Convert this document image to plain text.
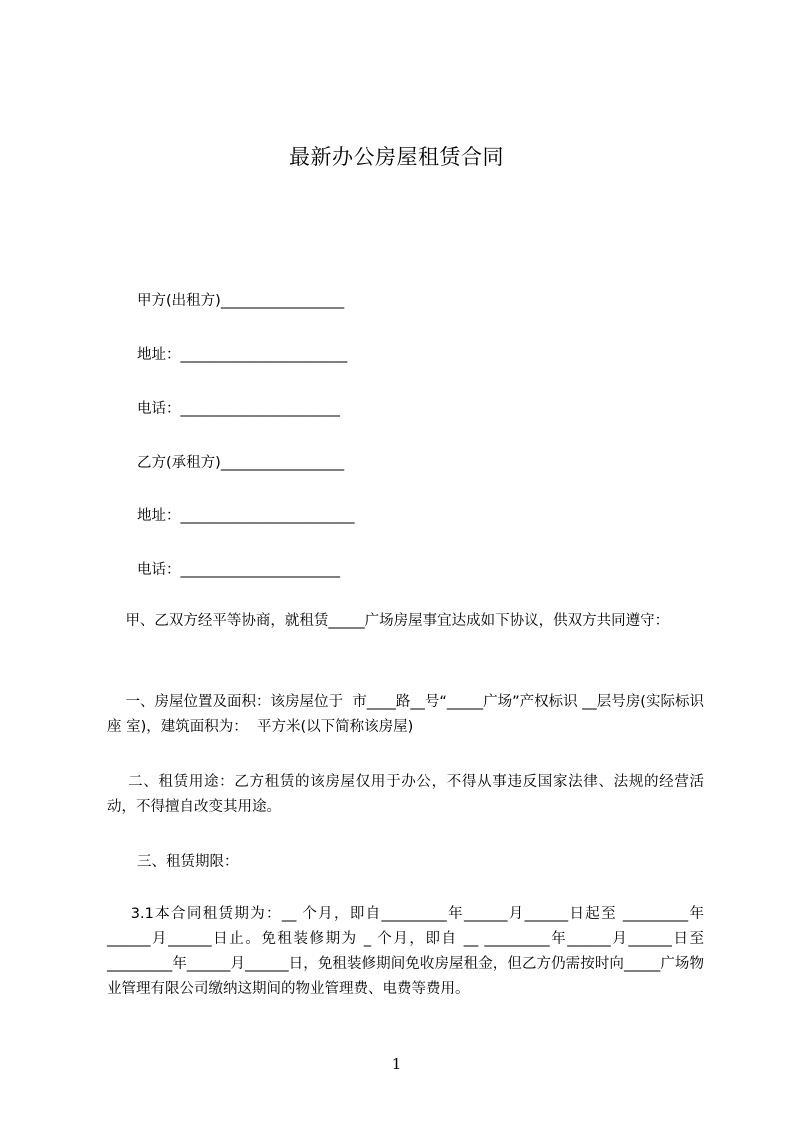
最新办公房屋租赁合同
甲方(出租方)_________________
地址：_______________________
电话：______________________
乙方(承租方)_________________
地址：________________________
电话：______________________
甲、乙双方经平等协商，就租赁_____广场房屋事宜达成如下协议，供双方共同遵守：
一、房屋位置及面积：该房屋位于  市____路__号“_____广场”产权标识 __层号房(实际标识 座 室)，建筑面积为：  平方米(以下简称该房屋)
二、租赁用途：乙方租赁的该房屋仅用于办公，不得从事违反国家法律、法规的经营活动，不得擅自改变其用途。
三、租赁期限：
3.1本合同租赁期为：__ 个月，即自_________年______月______日起至 _________年______月______日止。免租装修期为 _ 个月，即自 __ _________年______月______日至_________年______月______日，免租装修期间免收房屋租金，但乙方仍需按时向_____广场物业管理有限公司缴纳这期间的物业管理费、电费等费用。
1
